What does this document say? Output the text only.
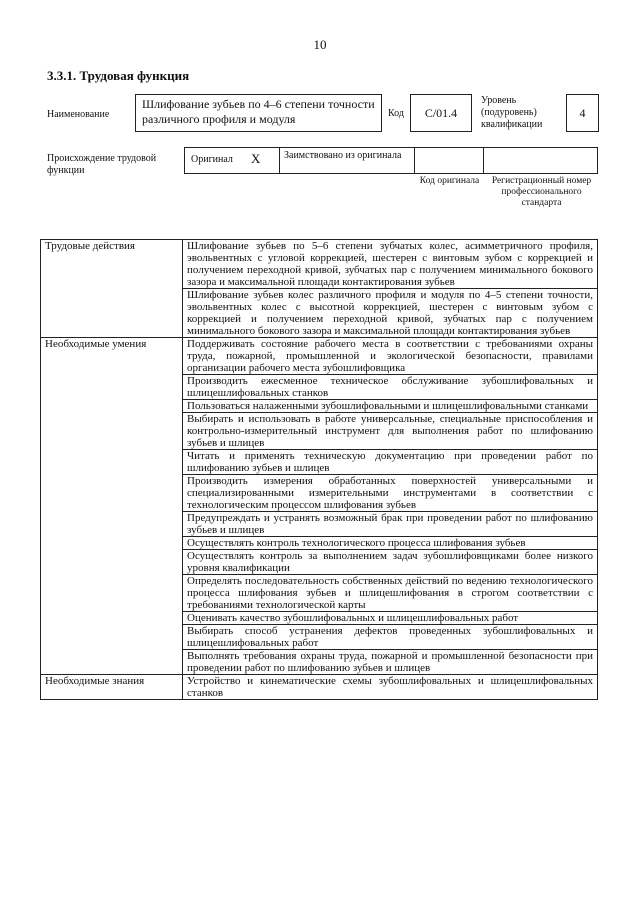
10
3.3.1. Трудовая функция
Наименование
Шлифование зубьев по 4–6 степени точности различного профиля и модуля	Код	С/01.4
Уровень (подуровень) квалификации
4
Происхождение трудовой функции
Оригинал X	Заимствовано из оригинала
Код оригинала	Регистрационный номер профессионального стандарта
Трудовые действия	Шлифование зубьев по 5–6 степени зубчатых колес, асимметричного профиля, эвольвентных с угловой коррекцией, шестерен с винтовым зубом с коррекцией и получением переходной кривой, зубчатых пар с получением минимального бокового зазора и максимальной площади контактирования зубьев
	Шлифование зубьев колес различного профиля и модуля по 4–5 степени точности, эвольвентных колес с высотной коррекцией, шестерен с винтовым зубом с коррекцией и получением переходной кривой, зубчатых пар с получением минимального бокового зазора и максимальной площади контактирования зубьев
Необходимые умения	Поддерживать состояние рабочего места в соответствии с требованиями охраны труда, пожарной, промышленной и экологической безопасности, правилами организации рабочего места зубошлифовщика
	Производить ежесменное техническое обслуживание зубошлифовальных и шлицешлифовальных станков
	Пользоваться налаженными зубошлифовальными и шлицешлифовальными станками
	Выбирать и использовать в работе универсальные, специальные приспособления и контрольно-измерительный инструмент для выполнения работ по шлифованию зубьев и шлицев
	Читать и применять техническую документацию при проведении работ по шлифованию зубьев и шлицев
	Производить измерения обработанных поверхностей универсальными и специализированными измерительными инструментами в соответствии с технологическим процессом шлифования зубьев
	Предупреждать и устранять возможный брак при проведении работ по шлифованию зубьев и шлицев
	Осуществлять контроль технологического процесса шлифования зубьев
	Осуществлять контроль за выполнением задач зубошлифовщиками более низкого уровня квалификации
	Определять последовательность собственных действий по ведению технологического процесса шлифования зубьев и шлицешлифования в строгом соответствии с требованиями технологической карты
	Оценивать качество зубошлифовальных и шлицешлифовальных работ
	Выбирать способ устранения дефектов проведенных зубошлифовальных и шлицешлифовальных работ
	Выполнять требования охраны труда, пожарной и промышленной безопасности при проведении работ по шлифованию зубьев и шлицев
Необходимые знания	Устройство и кинематические схемы зубошлифовальных и шлицешлифовальных станков
